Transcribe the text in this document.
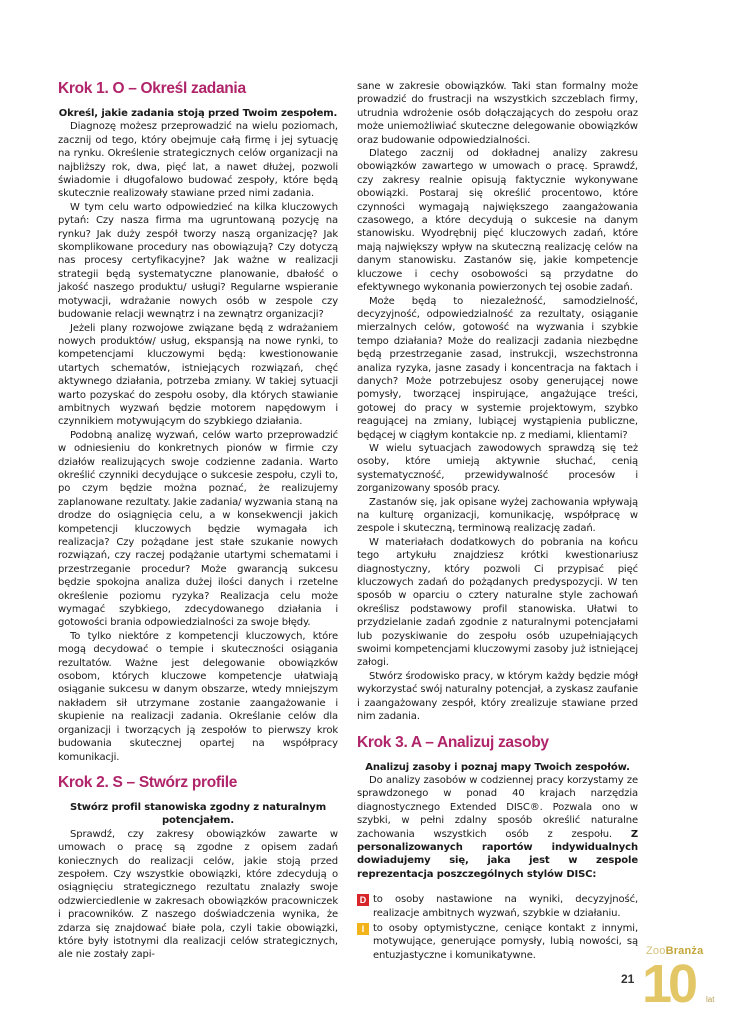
Krok 1. O – Określ zadania

Określ, jakie zadania stoją przed Twoim zespołem.

Diagnozę możesz przeprowadzić na wielu poziomach, zacznij od tego, który obejmuje całą firmę i jej sytuację na rynku. Określenie strategicznych celów organizacji na najbliższy rok, dwa, pięć lat, a nawet dłużej, pozwoli świadomie i długofalowo budować zespoły, które będą skutecznie realizowały stawiane przed nimi zadania.

W tym celu warto odpowiedzieć na kilka kluczowych pytań: Czy nasza firma ma ugruntowaną pozycję na rynku? Jak duży zespół tworzy naszą organizację? Jak skomplikowane procedury nas obowiązują? Czy dotyczą nas procesy certyfikacyjne? Jak ważne w realizacji strategii będą systematyczne planowanie, dbałość o jakość naszego produktu/ usługi? Regularne wspieranie motywacji, wdrażanie nowych osób w zespole czy budowanie relacji wewnątrz i na zewnątrz organizacji?

Jeżeli plany rozwojowe związane będą z wdrażaniem nowych produktów/ usług, ekspansją na nowe rynki, to kompetencjami kluczowymi będą: kwestionowanie utartych schematów, istniejących rozwiązań, chęć aktywnego działania, potrzeba zmiany. W takiej sytuacji warto pozyskać do zespołu osoby, dla których stawianie ambitnych wyzwań będzie motorem napędowym i czynnikiem motywującym do szybkiego działania.

Podobną analizę wyzwań, celów warto przeprowadzić w odniesieniu do konkretnych pionów w firmie czy działów realizujących swoje codzienne zadania. Warto określić czynniki decydujące o sukcesie zespołu, czyli to, po czym będzie można poznać, że realizujemy zaplanowane rezultaty. Jakie zadania/ wyzwania staną na drodze do osiągnięcia celu, a w konsekwencji jakich kompetencji kluczowych będzie wymagała ich realizacja? Czy pożądane jest stałe szukanie nowych rozwiązań, czy raczej podążanie utartymi schematami i przestrzeganie procedur? Może gwarancją sukcesu będzie spokojna analiza dużej ilości danych i rzetelne określenie poziomu ryzyka? Realizacja celu może wymagać szybkiego, zdecydowanego działania i gotowości brania odpowiedzialności za swoje błędy.

To tylko niektóre z kompetencji kluczowych, które mogą decydować o tempie i skuteczności osiągania rezultatów. Ważne jest delegowanie obowiązków osobom, których kluczowe kompetencje ułatwiają osiąganie sukcesu w danym obszarze, wtedy mniejszym nakładem sił utrzymane zostanie zaangażowanie i skupienie na realizacji zadania. Określanie celów dla organizacji i tworzących ją zespołów to pierwszy krok budowania skutecznej opartej na współpracy komunikacji.

Krok 2. S – Stwórz profile

Stwórz profil stanowiska zgodny z naturalnym potencjałem.

Sprawdź, czy zakresy obowiązków zawarte w umowach o pracę są zgodne z opisem zadań koniecznych do realizacji celów, jakie stoją przed zespołem. Czy wszystkie obowiązki, które zdecydują o osiągnięciu strategicznego rezultatu znalazły swoje odzwierciedlenie w zakresach obowiązków pracowniczek i pracowników. Z naszego doświadczenia wynika, że zdarza się znajdować białe pola, czyli takie obowiązki, które były istotnymi dla realizacji celów strategicznych, ale nie zostały zapi-

sane w zakresie obowiązków. Taki stan formalny może prowadzić do frustracji na wszystkich szczeblach firmy, utrudnia wdrożenie osób dołączających do zespołu oraz może uniemożliwiać skuteczne delegowanie obowiązków oraz budowanie odpowiedzialności.

Dlatego zacznij od dokładnej analizy zakresu obowiązków zawartego w umowach o pracę. Sprawdź, czy zakresy realnie opisują faktycznie wykonywane obowiązki. Postaraj się określić procentowo, które czynności wymagają największego zaangażowania czasowego, a które decydują o sukcesie na danym stanowisku. Wyodrębnij pięć kluczowych zadań, które mają największy wpływ na skuteczną realizację celów na danym stanowisku. Zastanów się, jakie kompetencje kluczowe i cechy osobowości są przydatne do efektywnego wykonania powierzonych tej osobie zadań.

Może będą to niezależność, samodzielność, decyzyjność, odpowiedzialność za rezultaty, osiąganie mierzalnych celów, gotowość na wyzwania i szybkie tempo działania? Może do realizacji zadania niezbędne będą przestrzeganie zasad, instrukcji, wszechstronna analiza ryzyka, jasne zasady i koncentracja na faktach i danych? Może potrzebujesz osoby generującej nowe pomysły, tworzącej inspirujące, angażujące treści, gotowej do pracy w systemie projektowym, szybko reagującej na zmiany, lubiącej wystąpienia publiczne, będącej w ciągłym kontakcie np. z mediami, klientami?

W wielu sytuacjach zawodowych sprawdzą się też osoby, które umieją aktywnie słuchać, cenią systematyczność, przewidywalność procesów i zorganizowany sposób pracy.

Zastanów się, jak opisane wyżej zachowania wpływają na kulturę organizacji, komunikację, współpracę w zespole i skuteczną, terminową realizację zadań.

W materiałach dodatkowych do pobrania na końcu tego artykułu znajdziesz krótki kwestionariusz diagnostyczny, który pozwoli Ci przypisać pięć kluczowych zadań do pożądanych predyspozycji. W ten sposób w oparciu o cztery naturalne style zachowań określisz podstawowy profil stanowiska. Ułatwi to przydzielanie zadań zgodnie z naturalnymi potencjałami lub pozyskiwanie do zespołu osób uzupełniających swoimi kompetencjami kluczowymi zasoby już istniejącej załogi.

Stwórz środowisko pracy, w którym każdy będzie mógł wykorzystać swój naturalny potencjał, a zyskasz zaufanie i zaangażowany zespół, który zrealizuje stawiane przed nim zadania.

Krok 3. A – Analizuj zasoby

Analizuj zasoby i poznaj mapy Twoich zespołów.

Do analizy zasobów w codziennej pracy korzystamy ze sprawdzonego w ponad 40 krajach narzędzia diagnostycznego Extended DISC®. Pozwala ono w szybki, w pełni zdalny sposób określić naturalne zachowania wszystkich osób z zespołu. Z personalizowanych raportów indywidualnych dowiadujemy się, jaka jest w zespole reprezentacja poszczególnych stylów DISC:

D to osoby nastawione na wyniki, decyzyjność, realizacje ambitnych wyzwań, szybkie w działaniu.
I to osoby optymistyczne, ceniące kontakt z innymi, motywujące, generujące pomysły, lubią nowości, są entuzjastyczne i komunikatywne.
21
ZooBranża
10 lat
